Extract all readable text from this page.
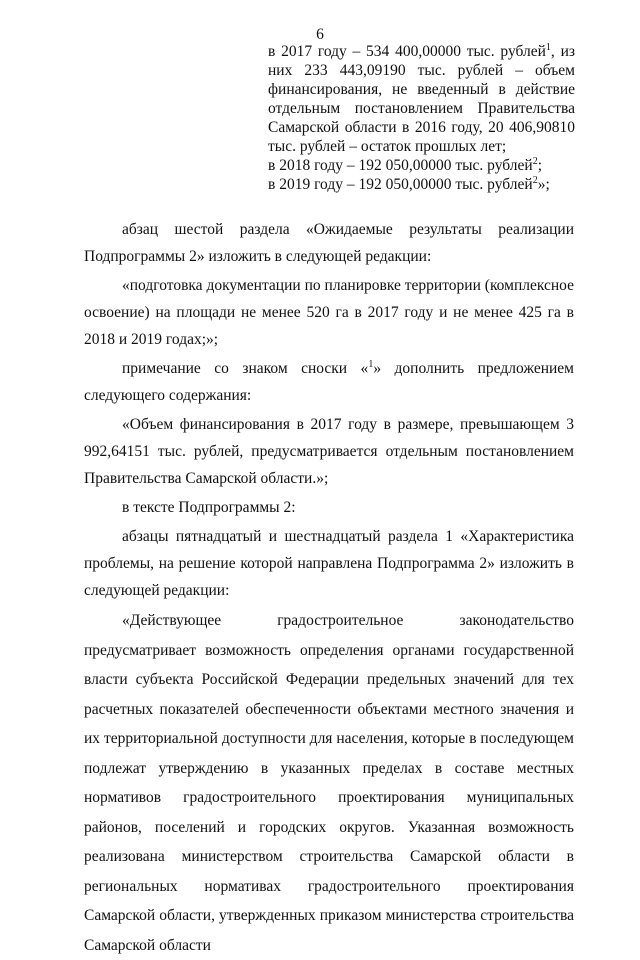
6
в 2017 году – 534 400,00000 тыс. рублей$^1$, из них 233 443,09190 тыс. рублей – объем финансирования, не введенный в действие отдельным постановлением Правительства Самарской области в 2016 году, 20 406,90810 тыс. рублей – остаток прошлых лет;
в 2018 году – 192 050,00000 тыс. рублей$^2$;
в 2019 году – 192 050,00000 тыс. рублей$^2$»;

абзац шестой раздела «Ожидаемые результаты реализации Подпрограммы 2» изложить в следующей редакции:

«подготовка документации по планировке территории (комплексное освоение) на площади не менее 520 га в 2017 году и не менее 425 га в 2018 и 2019 годах;»;

примечание со знаком сноски «$^1$» дополнить предложением следующего содержания:

«Объем финансирования в 2017 году в размере, превышающем 3 992,64151 тыс. рублей, предусматривается отдельным постановлением Правительства Самарской области.»;

в тексте Подпрограммы 2:

абзацы пятнадцатый и шестнадцатый раздела 1 «Характеристика проблемы, на решение которой направлена Подпрограмма 2» изложить в следующей редакции:

«Действующее градостроительное законодательство предусматривает возможность определения органами государственной власти субъекта Российской Федерации предельных значений для тех расчетных показателей обеспеченности объектами местного значения и их территориальной доступности для населения, которые в последующем подлежат утверждению в указанных пределах в составе местных нормативов градостроительного проектирования муниципальных районов, поселений и городских округов. Указанная возможность реализована министерством строительства Самарской области в региональных нормативах градостроительного проектирования Самарской области, утвержденных приказом министерства строительства Самарской области
